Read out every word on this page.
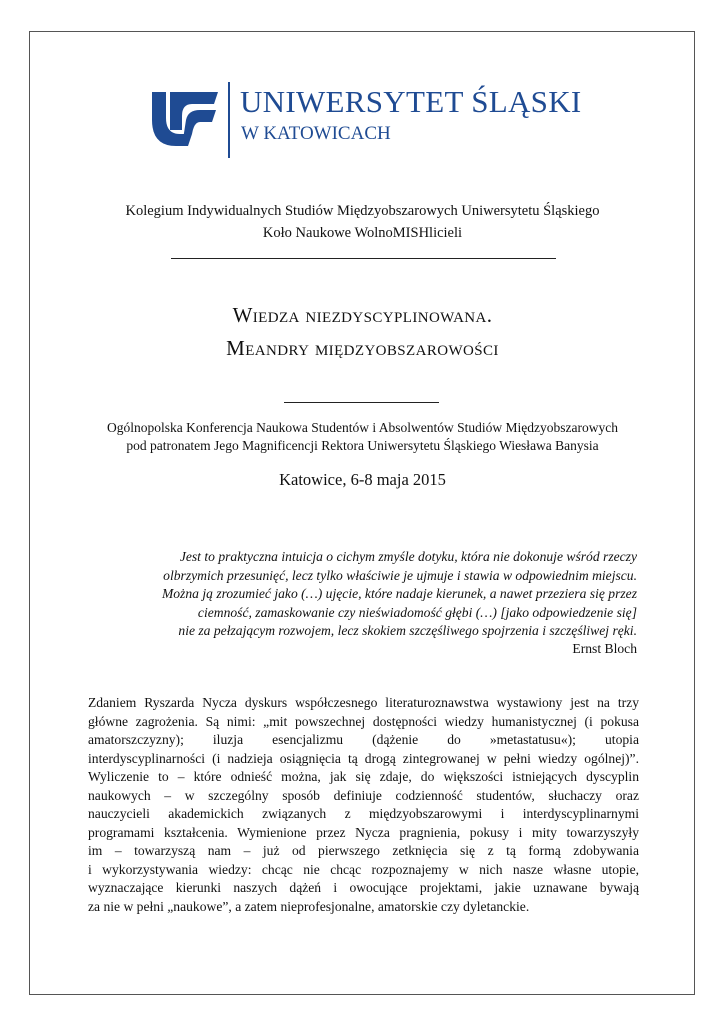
UNIWERSYTET ŚLĄSKI
W KATOWICACH
Kolegium Indywidualnych Studiów Międzyobszarowych Uniwersytetu Śląskiego
Koło Naukowe WolnoMISHlicieli
Wiedza niezdyscyplinowana.
Meandry międzyobszarowości
Ogólnopolska Konferencja Naukowa Studentów i Absolwentów Studiów Międzyobszarowych
pod patronatem Jego Magnificencji Rektora Uniwersytetu Śląskiego Wiesława Banysia
Katowice, 6-8 maja 2015
Jest to praktyczna intuicja o cichym zmyśle dotyku, która nie dokonuje wśród rzeczy
olbrzymich przesunięć, lecz tylko właściwie je ujmuje i stawia w odpowiednim miejscu.
Można ją zrozumieć jako (…) ujęcie, które nadaje kierunek, a nawet przeziera się przez
ciemność, zamaskowanie czy nieświadomość głębi (…) [jako odpowiedzenie się]
nie za pełzającym rozwojem, lecz skokiem szczęśliwego spojrzenia i szczęśliwej ręki.
Ernst Bloch
Zdaniem Ryszarda Nycza dyskurs współczesnego literaturoznawstwa wystawiony jest na trzy
główne zagrożenia. Są nimi: „mit powszechnej dostępności wiedzy humanistycznej (i pokusa
amatorszczyzny); iluzja esencjalizmu (dążenie do »metastatusu«); utopia
interdyscyplinarności (i nadzieja osiągnięcia tą drogą zintegrowanej w pełni wiedzy ogólnej)”.
Wyliczenie to – które odnieść można, jak się zdaje, do większości istniejących dyscyplin
naukowych – w szczególny sposób definiuje codzienność studentów, słuchaczy oraz
nauczycieli akademickich związanych z międzyobszarowymi i interdyscyplinarnymi
programami kształcenia. Wymienione przez Nycza pragnienia, pokusy i mity towarzyszyły
im – towarzyszą nam – już od pierwszego zetknięcia się z tą formą zdobywania
i wykorzystywania wiedzy: chcąc nie chcąc rozpoznajemy w nich nasze własne utopie,
wyznaczające kierunki naszych dążeń i owocujące projektami, jakie uznawane bywają
za nie w pełni „naukowe”, a zatem nieprofesjonalne, amatorskie czy dyletanckie.
